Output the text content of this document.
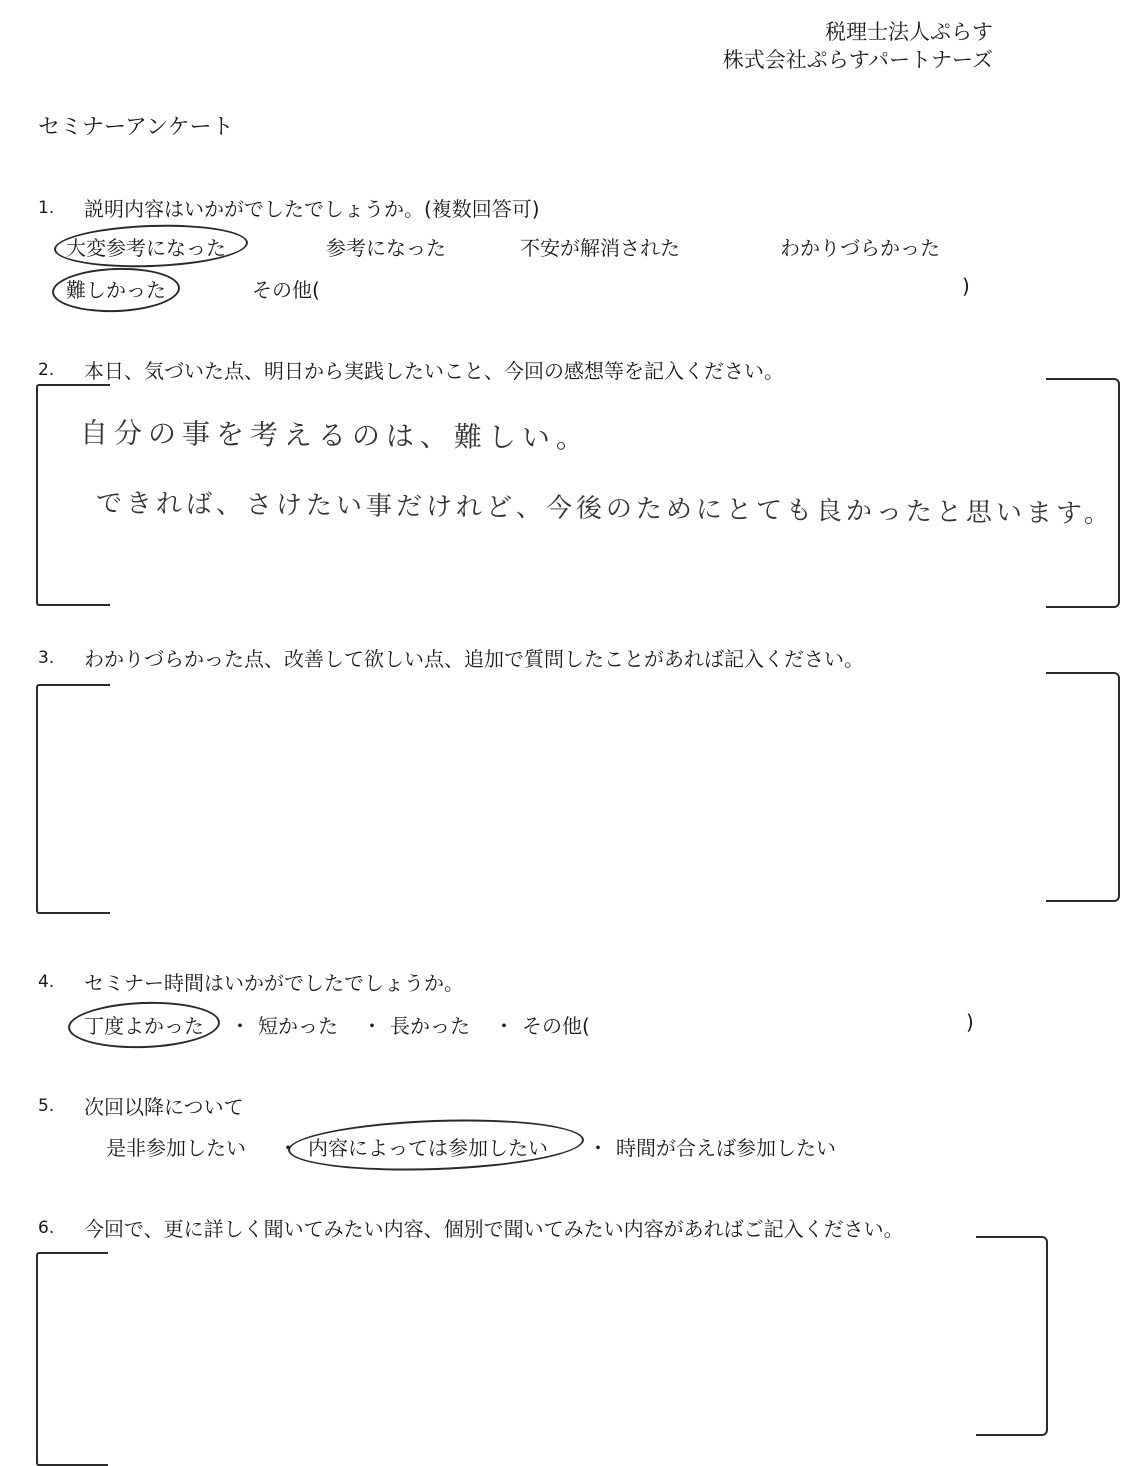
税理士法人ぷらす
株式会社ぷらすパートナーズ
セミナーアンケート
1. 説明内容はいかがでしたでしょうか。(複数回答可)
大変参考になった	参考になった	不安が解消された	わかりづらかった
難しかった	その他(	)
2. 本日、気づいた点、明日から実践したいこと、今回の感想等を記入ください。
自分の事を考えるのは、難しい。
できれば、さけたい事だけれど、今後のためにとても良かったと思います。
3. わかりづらかった点、改善して欲しい点、追加で質問したことがあれば記入ください。
4. セミナー時間はいかがでしたでしょうか。
丁度よかった ・ 短かった ・ 長かった ・ その他(	)
5. 次回以降について
是非参加したい ・ 内容によっては参加したい ・ 時間が合えば参加したい
6. 今回で、更に詳しく聞いてみたい内容、個別で聞いてみたい内容があればご記入ください。
